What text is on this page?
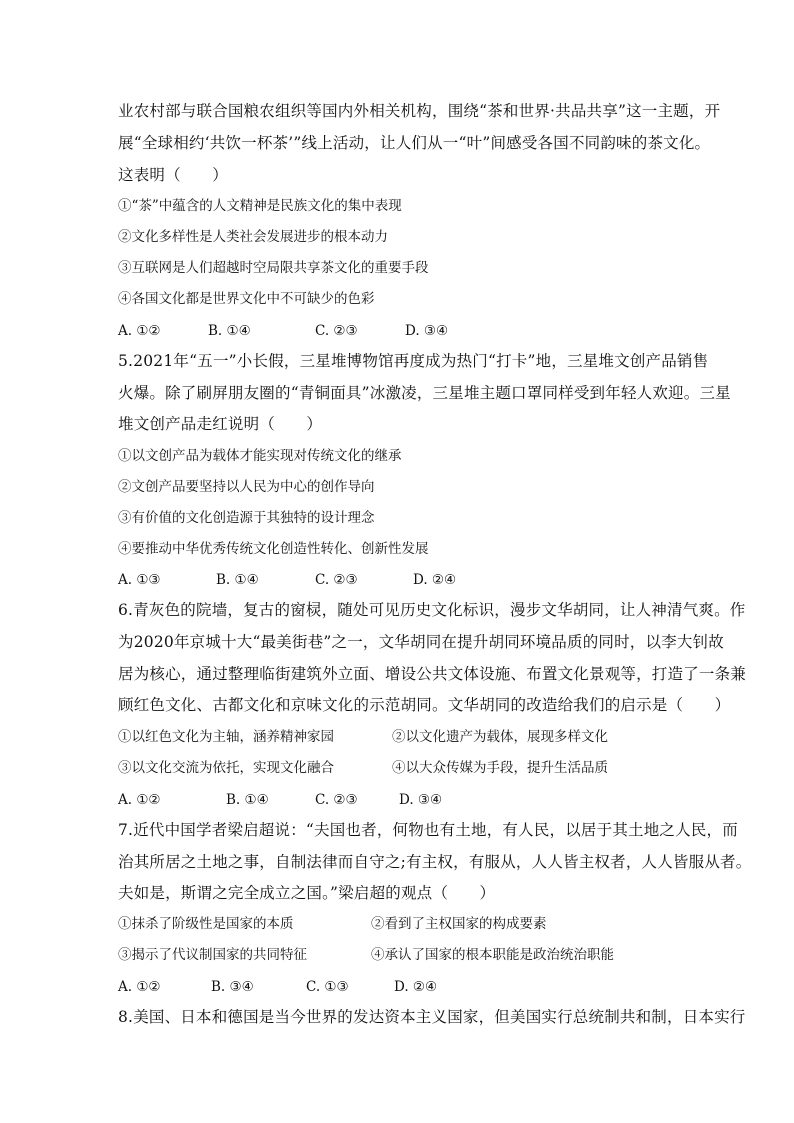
业农村部与联合国粮农组织等国内外相关机构，围绕“茶和世界·共品共享”这一主题，开
展“全球相约‘共饮一杯茶’”线上活动，让人们从一“叶”间感受各国不同韵味的茶文化。
这表明（　　）
①“茶”中蕴含的人文精神是民族文化的集中表现
②文化多样性是人类社会发展进步的根本动力
③互联网是人们超越时空局限共享茶文化的重要手段
④各国文化都是世界文化中不可缺少的色彩
A. ①②	B. ①④	C. ②③	D. ③④
5.2021年“五一”小长假，三星堆博物馆再度成为热门“打卡”地，三星堆文创产品销售
火爆。除了刷屏朋友圈的“青铜面具”冰激凌，三星堆主题口罩同样受到年轻人欢迎。三星
堆文创产品走红说明（　　）
①以文创产品为载体才能实现对传统文化的继承
②文创产品要坚持以人民为中心的创作导向
③有价值的文化创造源于其独特的设计理念
④要推动中华优秀传统文化创造性转化、创新性发展
A. ①③	B. ①④	C. ②③	D. ②④
6.青灰色的院墙，复古的窗棂，随处可见历史文化标识，漫步文华胡同，让人神清气爽。作
为2020年京城十大“最美街巷”之一，文华胡同在提升胡同环境品质的同时，以李大钊故
居为核心，通过整理临街建筑外立面、增设公共文体设施、布置文化景观等，打造了一条兼
顾红色文化、古都文化和京味文化的示范胡同。文华胡同的改造给我们的启示是（　　）
①以红色文化为主轴，涵养精神家园	②以文化遗产为载体，展现多样文化
③以文化交流为依托，实现文化融合	④以大众传媒为手段，提升生活品质
A. ①②	B. ①④	C. ②③	D. ③④
7.近代中国学者梁启超说：“夫国也者，何物也有土地，有人民，以居于其土地之人民，而
治其所居之土地之事，自制法律而自守之;有主权，有服从，人人皆主权者，人人皆服从者。
夫如是，斯谓之完全成立之国。”梁启超的观点（　　）
①抹杀了阶级性是国家的本质	②看到了主权国家的构成要素
③揭示了代议制国家的共同特征	④承认了国家的根本职能是政治统治职能
A. ①②	B. ③④	C. ①③	D. ②④
8.美国、日本和德国是当今世界的发达资本主义国家，但美国实行总统制共和制，日本实行
